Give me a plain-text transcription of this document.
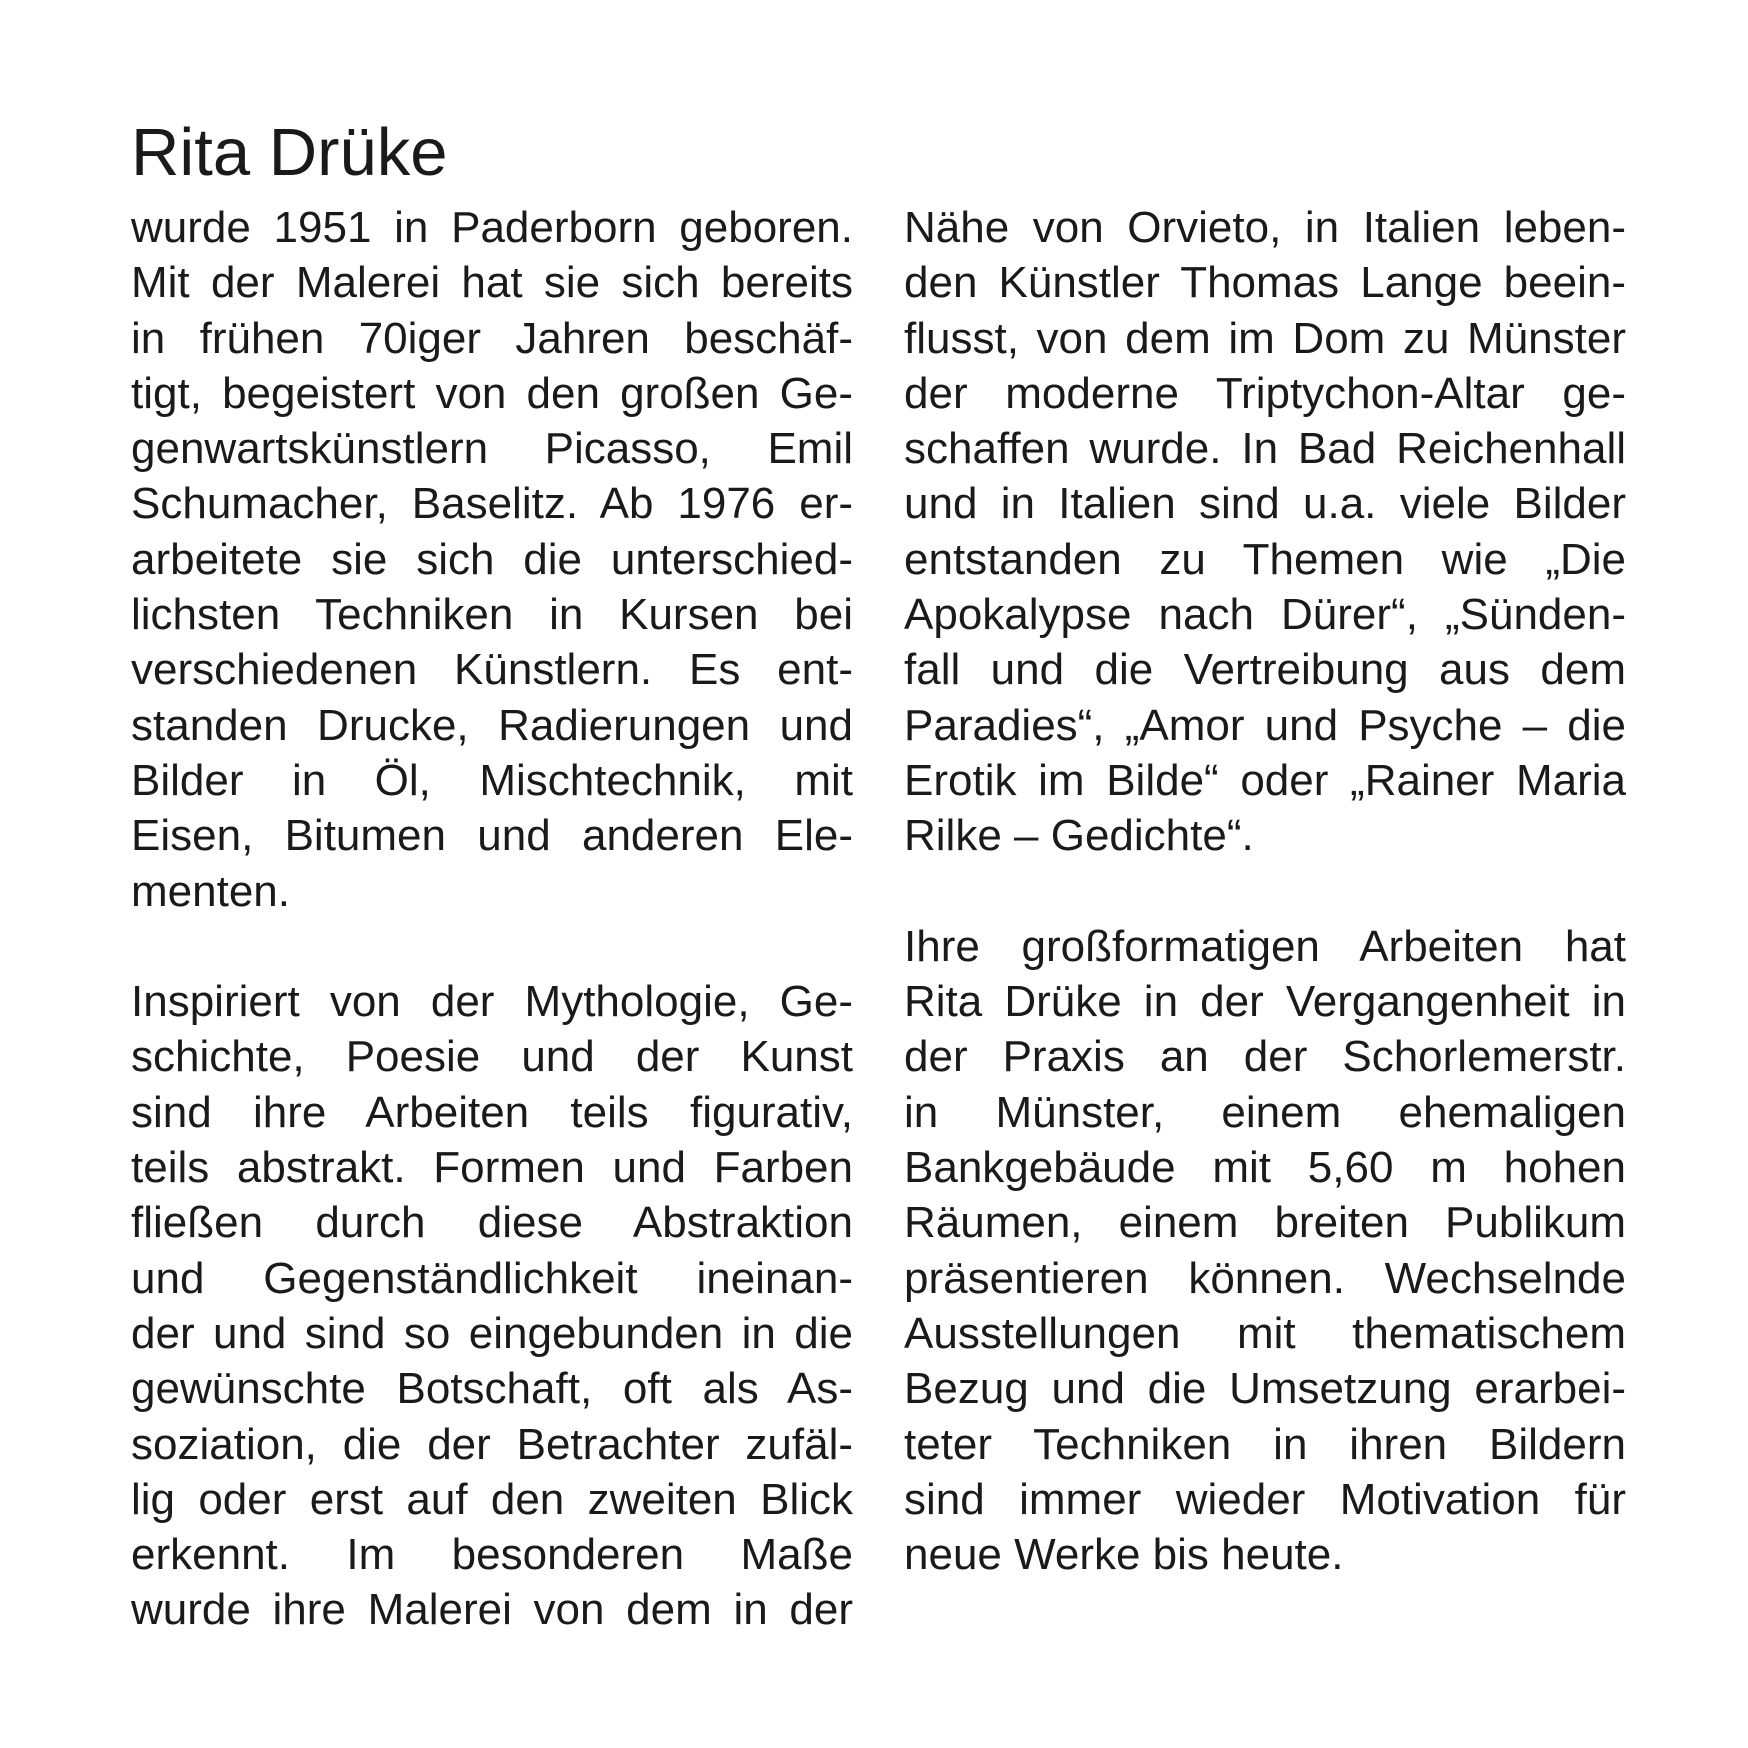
Rita Drüke
wurde 1951 in Paderborn geboren.
Mit der Malerei hat sie sich bereits
in frühen 70iger Jahren beschäf-
tigt, begeistert von den großen Ge-
genwartskünstlern Picasso, Emil
Schumacher, Baselitz. Ab 1976 er-
arbeitete sie sich die unterschied-
lichsten Techniken in Kursen bei
verschiedenen Künstlern. Es ent-
standen Drucke, Radierungen und
Bilder in Öl, Mischtechnik, mit
Eisen, Bitumen und anderen Ele-
menten.
Inspiriert von der Mythologie, Ge-
schichte, Poesie und der Kunst
sind ihre Arbeiten teils figurativ,
teils abstrakt. Formen und Farben
fließen durch diese Abstraktion
und Gegenständlichkeit ineinan-
der und sind so eingebunden in die
gewünschte Botschaft, oft als As-
soziation, die der Betrachter zufäl-
lig oder erst auf den zweiten Blick
erkennt. Im besonderen Maße
wurde ihre Malerei von dem in der
Nähe von Orvieto, in Italien leben-
den Künstler Thomas Lange beein-
flusst, von dem im Dom zu Münster
der moderne Triptychon-Altar ge-
schaffen wurde. In Bad Reichenhall
und in Italien sind u.a. viele Bilder
entstanden zu Themen wie „Die
Apokalypse nach Dürer“, „Sünden-
fall und die Vertreibung aus dem
Paradies“, „Amor und Psyche – die
Erotik im Bilde“ oder „Rainer Maria
Rilke – Gedichte“.
Ihre großformatigen Arbeiten hat
Rita Drüke in der Vergangenheit in
der Praxis an der Schorlemerstr.
in Münster, einem ehemaligen
Bankgebäude mit 5,60 m hohen
Räumen, einem breiten Publikum
präsentieren können. Wechselnde
Ausstellungen mit thematischem
Bezug und die Umsetzung erarbei-
teter Techniken in ihren Bildern
sind immer wieder Motivation für
neue Werke bis heute.
